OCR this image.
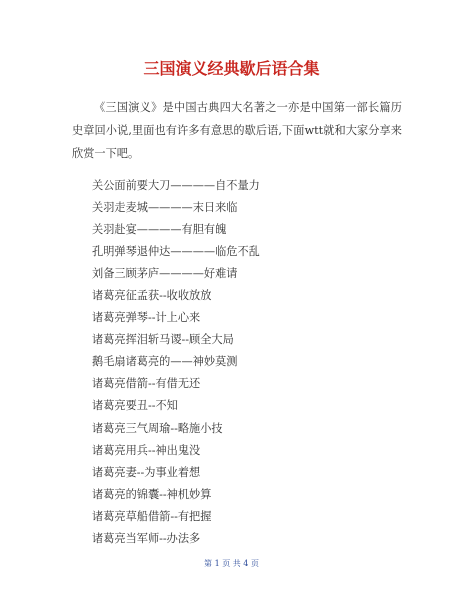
三国演义经典歇后语合集

《三国演义》是中国古典四大名著之一亦是中国第一部长篇历史章回小说,里面也有许多有意思的歇后语,下面wtt就和大家分享来欣赏一下吧。

关公面前要大刀————自不量力
关羽走麦城————末日来临
关羽赴宴————有胆有魄
孔明弹琴退仲达————临危不乱
刘备三顾茅庐————好难请
诸葛亮征孟获--收收放放
诸葛亮弹琴--计上心来
诸葛亮挥泪斩马谡--顾全大局
鹅毛扇诸葛亮的——神妙莫测
诸葛亮借箭--有借无还
诸葛亮要丑--不知
诸葛亮三气周瑜--略施小技
诸葛亮用兵--神出鬼没
诸葛亮妻--为事业着想
诸葛亮的锦囊--神机妙算
诸葛亮草船借箭--有把握
诸葛亮当军师--办法多
第 1 页 共 4 页
